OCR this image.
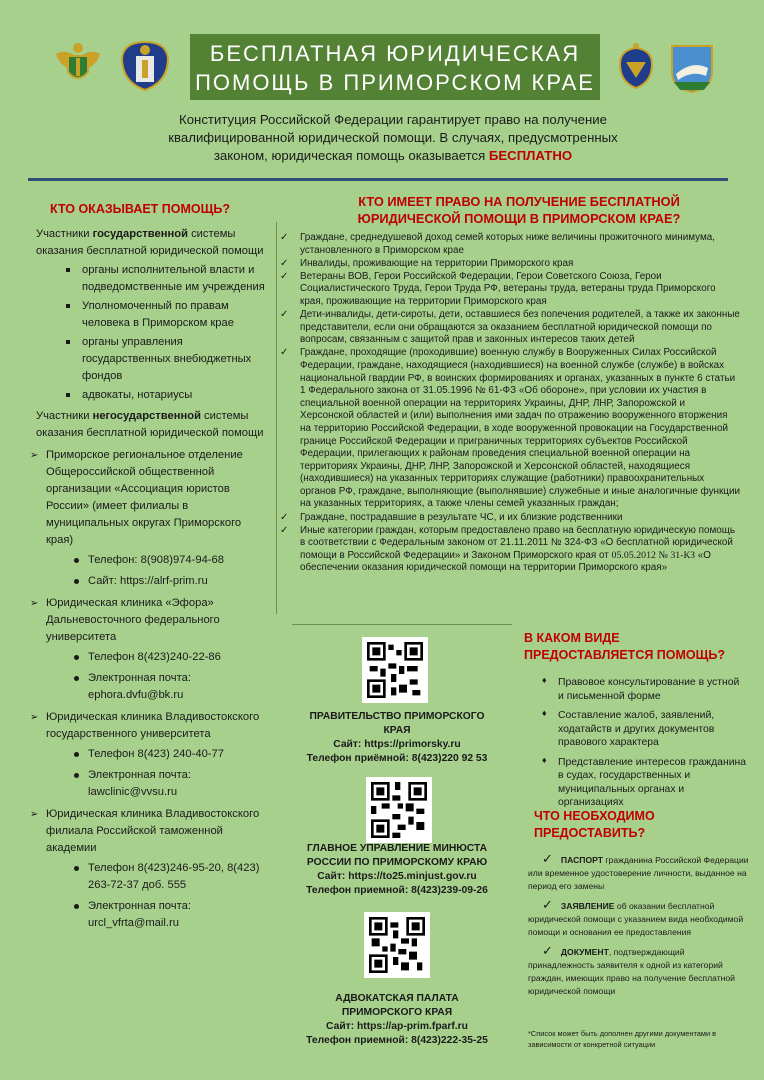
БЕСПЛАТНАЯ ЮРИДИЧЕСКАЯ
ПОМОЩЬ В ПРИМОРСКОМ КРАЕ
Конституция Российской Федерации гарантирует право на получение квалифицированной юридической помощи. В случаях, предусмотренных законом, юридическая помощь оказывается БЕСПЛАТНО
КТО ОКАЗЫВАЕТ ПОМОЩЬ?

Участники государственной системы оказания бесплатной юридической помощи

органы исполнительной власти и подведомственные им учреждения
Уполномоченный по правам человека в Приморском крае
органы управления государственных внебюджетных фондов
адвокаты, нотариусы

Участники негосударственной системы оказания бесплатной юридической помощи

➢ Приморское региональное отделение Общероссийской общественной организации «Ассоциация юристов России» (имеет филиалы в муниципальных округах Приморского края)
Телефон: 8(908)974-94-68
Сайт: https://alrf-prim.ru
➢ Юридическая клиника «Эфора» Дальневосточного федерального университета
Телефон 8(423)240-22-86
Электронная почта: ephora.dvfu@bk.ru
➢ Юридическая клиника Владивостокского государственного университета
Телефон 8(423) 240-40-77
Электронная почта: lawclinic@vvsu.ru
➢ Юридическая клиника Владивостокского филиала Российской таможенной академии
Телефон 8(423)246-95-20, 8(423) 263-72-37 доб. 555
Электронная почта: urcl_vfrta@mail.ru
КТО ИМЕЕТ ПРАВО НА ПОЛУЧЕНИЕ БЕСПЛАТНОЙ
ЮРИДИЧЕСКОЙ ПОМОЩИ В ПРИМОРСКОМ КРАЕ?
✓ Граждане, среднедушевой доход семей которых ниже величины прожиточного минимума, установленного в Приморском крае
✓ Инвалиды, проживающие на территории Приморского края
✓ Ветераны ВОВ, Герои Российской Федерации, Герои Советского Союза, Герои Социалистического Труда, Герои Труда РФ, ветераны труда, ветераны труда Приморского края, проживающие на территории Приморского края
✓ Дети-инвалиды, дети-сироты, дети, оставшиеся без попечения родителей, а также их законные представители, если они обращаются за оказанием бесплатной юридической помощи по вопросам, связанным с защитой прав и законных интересов таких детей
✓ Граждане, проходящие (проходившие) военную службу в Вооруженных Силах Российской Федерации, граждане, находящиеся (находившиеся) на военной службе (службе) в войсках национальной гвардии РФ, в воинских формированиях и органах, указанных в пункте 6 статьи 1 Федерального закона от 31.05.1996 № 61-ФЗ «Об обороне», при условии их участия в специальной военной операции на территориях Украины, ДНР, ЛНР, Запорожской и Херсонской областей и (или) выполнения ими задач по отражению вооруженного вторжения на территорию Российской Федерации, в ходе вооруженной провокации на Государственной границе Российской Федерации и приграничных территориях субъектов Российской Федерации, прилегающих к районам проведения специальной военной операции на территориях Украины, ДНР, ЛНР, Запорожской и Херсонской областей, находящиеся (находившиеся) на указанных территориях служащие (работники) правоохранительных органов РФ, граждане, выполняющие (выполнявшие) служебные и иные аналогичные функции на указанных территориях, а также члены семей указанных граждан;
✓ Граждане, пострадавшие в результате ЧС, и их близкие родственники
✓ Иные категории граждан, которым предоставлено право на бесплатную юридическую помощь в соответствии с Федеральным законом от 21.11.2011 № 324-ФЗ «О бесплатной юридической помощи в Российской Федерации» и Законом Приморского края от 05.05.2012 № 31-КЗ «О обеспечении оказания юридической помощи на территории Приморского края»
ПРАВИТЕЛЬСТВО ПРИМОРСКОГО
КРАЯ
Сайт: https://primorsky.ru
Телефон приёмной: 8(423)220 92 53
ГЛАВНОЕ УПРАВЛЕНИЕ МИНЮСТА
РОССИИ ПО ПРИМОРСКОМУ КРАЮ
Сайт: https://to25.minjust.gov.ru
Телефон приемной: 8(423)239-09-26
АДВОКАТСКАЯ ПАЛАТА
ПРИМОРСКОГО КРАЯ
Сайт: https://ap-prim.fparf.ru
Телефон приемной: 8(423)222-35-25
В КАКОМ ВИДЕ
ПРЕДОСТАВЛЯЕТСЯ ПОМОЩЬ?
♦ Правовое консультирование в устной и письменной форме
♦ Составление жалоб, заявлений, ходатайств и других документов правового характера
♦ Представление интересов гражданина в судах, государственных и муниципальных органах и организациях
ЧТО НЕОБХОДИМО
ПРЕДОСТАВИТЬ?
✓ ПАСПОРТ гражданина Российской Федерации или временное удостоверение личности, выданное на период его замены
✓ ЗАЯВЛЕНИЕ об оказании бесплатной юридической помощи с указанием вида необходимой помощи и основания ее предоставления
✓ ДОКУМЕНТ, подтверждающий принадлежность заявителя к одной из категорий граждан, имеющих право на получение бесплатной юридической помощи
*Список может быть дополнен другими документами в зависимости от конкретной ситуации
